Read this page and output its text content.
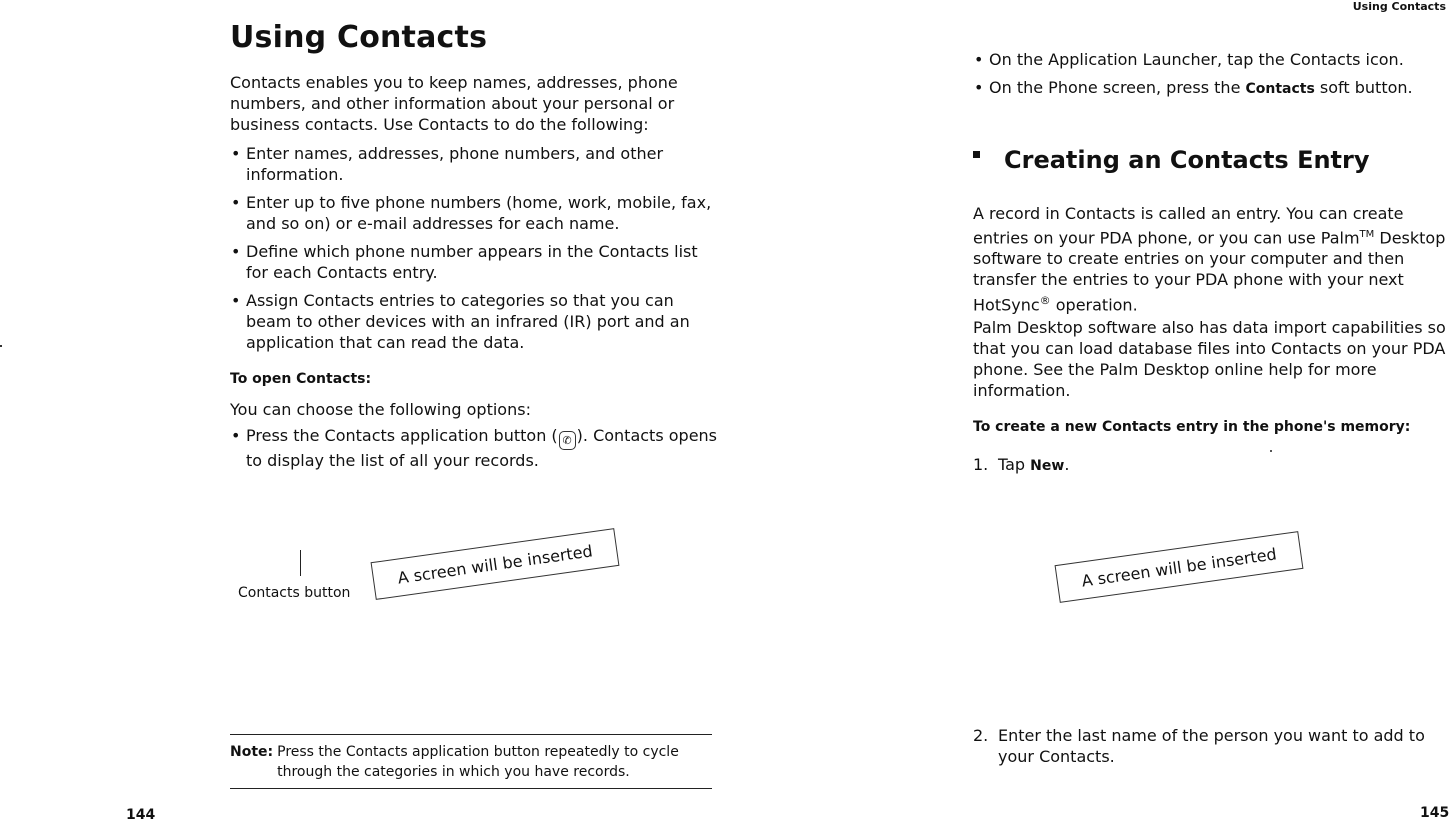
Using Contacts
Using Contacts
Contacts enables you to keep names, addresses, phone numbers, and other information about your personal or business contacts. Use Contacts to do the following:
• Enter names, addresses, phone numbers, and other information.
• Enter up to five phone numbers (home, work, mobile, fax, and so on) or e-mail addresses for each name.
• Define which phone number appears in the Contacts list for each Contacts entry.
• Assign Contacts entries to categories so that you can beam to other devices with an infrared (IR) port and an application that can read the data.
To open Contacts:
You can choose the following options:
• Press the Contacts application button ( ✆ ). Contacts opens to display the list of all your records.
Contacts button
A screen will be inserted
Note: Press the Contacts application button repeatedly to cycle through the categories in which you have records.
144
• On the Application Launcher, tap the Contacts icon.
• On the Phone screen, press the Contacts soft button.
Creating an Contacts Entry
A record in Contacts is called an entry. You can create entries on your PDA phone, or you can use Palm™ Desktop software to create entries on your computer and then transfer the entries to your PDA phone with your next HotSync® operation.
Palm Desktop software also has data import capabilities so that you can load database files into Contacts on your PDA phone. See the Palm Desktop online help for more information.
To create a new Contacts entry in the phone's memory:
1. Tap New.
A screen will be inserted
2. Enter the last name of the person you want to add to your Contacts.
145
